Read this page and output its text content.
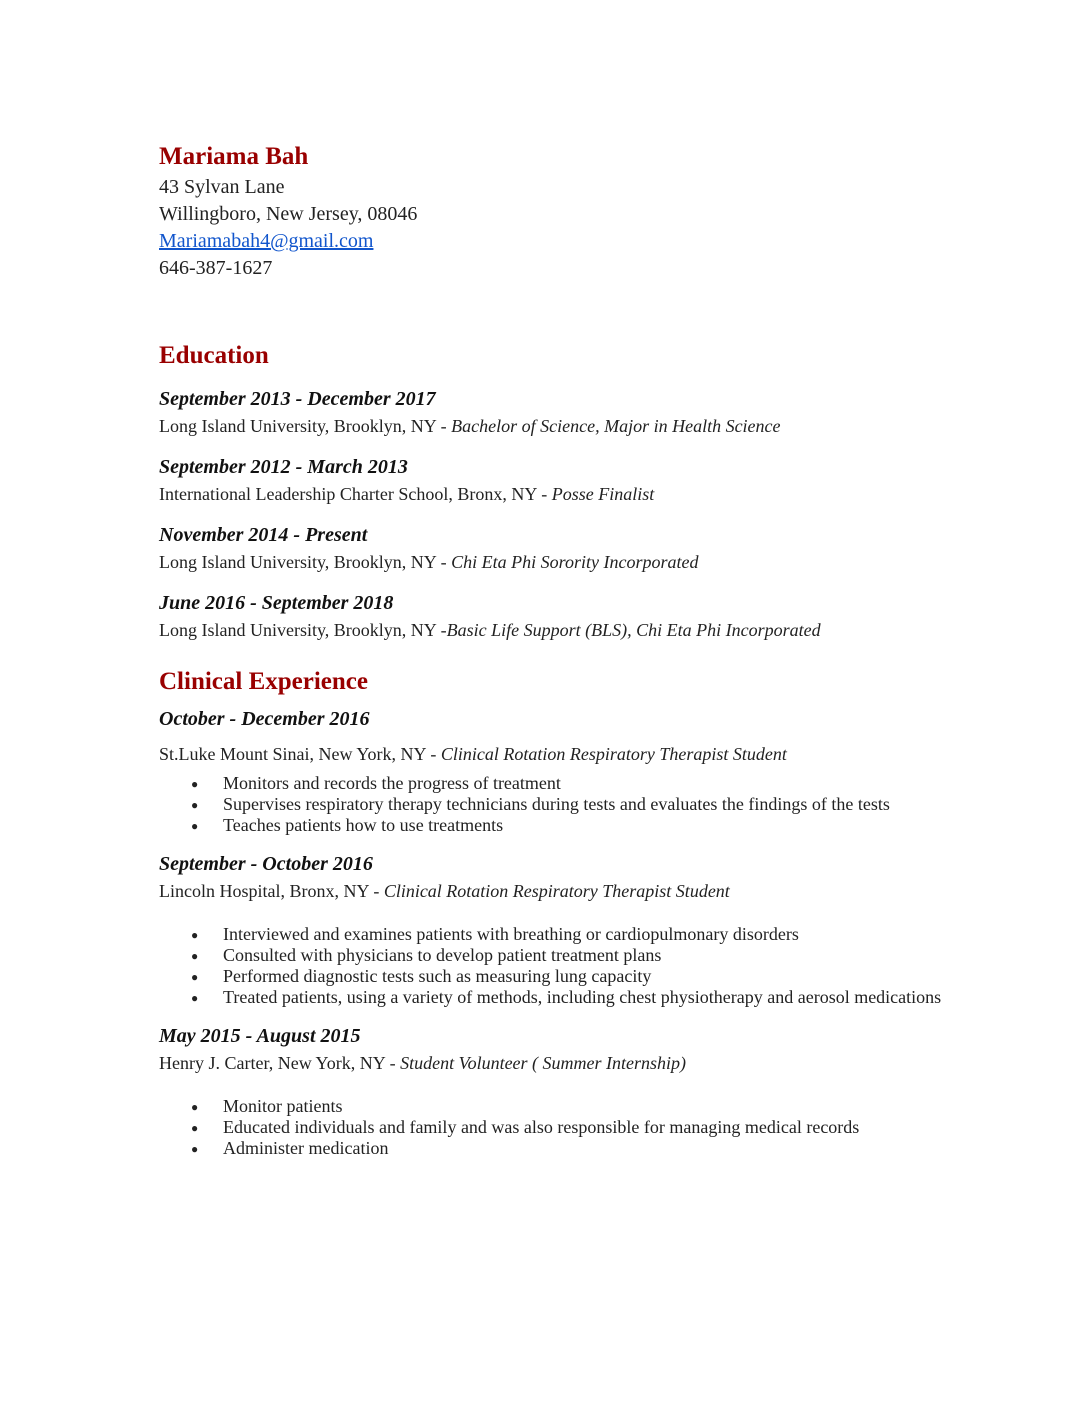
Mariama Bah
43 Sylvan Lane
Willingboro, New Jersey, 08046
Mariamabah4@gmail.com
646-387-1627
Education
September 2013 - December 2017
Long Island University, Brooklyn, NY - Bachelor of Science, Major in Health Science
September 2012 - March 2013
International Leadership Charter School, Bronx, NY - Posse Finalist
November 2014 - Present
Long Island University, Brooklyn, NY - Chi Eta Phi Sorority Incorporated
June 2016 - September 2018
Long Island University, Brooklyn, NY -Basic Life Support (BLS), Chi Eta Phi Incorporated
Clinical Experience
October - December 2016
St.Luke Mount Sinai, New York, NY - Clinical Rotation Respiratory Therapist Student
● Monitors and records the progress of treatment
● Supervises respiratory therapy technicians during tests and evaluates the findings of the tests
● Teaches patients how to use treatments
September - October 2016
Lincoln Hospital, Bronx, NY - Clinical Rotation Respiratory Therapist Student
● Interviewed and examines patients with breathing or cardiopulmonary disorders
● Consulted with physicians to develop patient treatment plans
● Performed diagnostic tests such as measuring lung capacity
● Treated patients, using a variety of methods, including chest physiotherapy and aerosol medications
May 2015 - August 2015
Henry J. Carter, New York, NY - Student Volunteer ( Summer Internship)
● Monitor patients
● Educated individuals and family and was also responsible for managing medical records
● Administer medication
